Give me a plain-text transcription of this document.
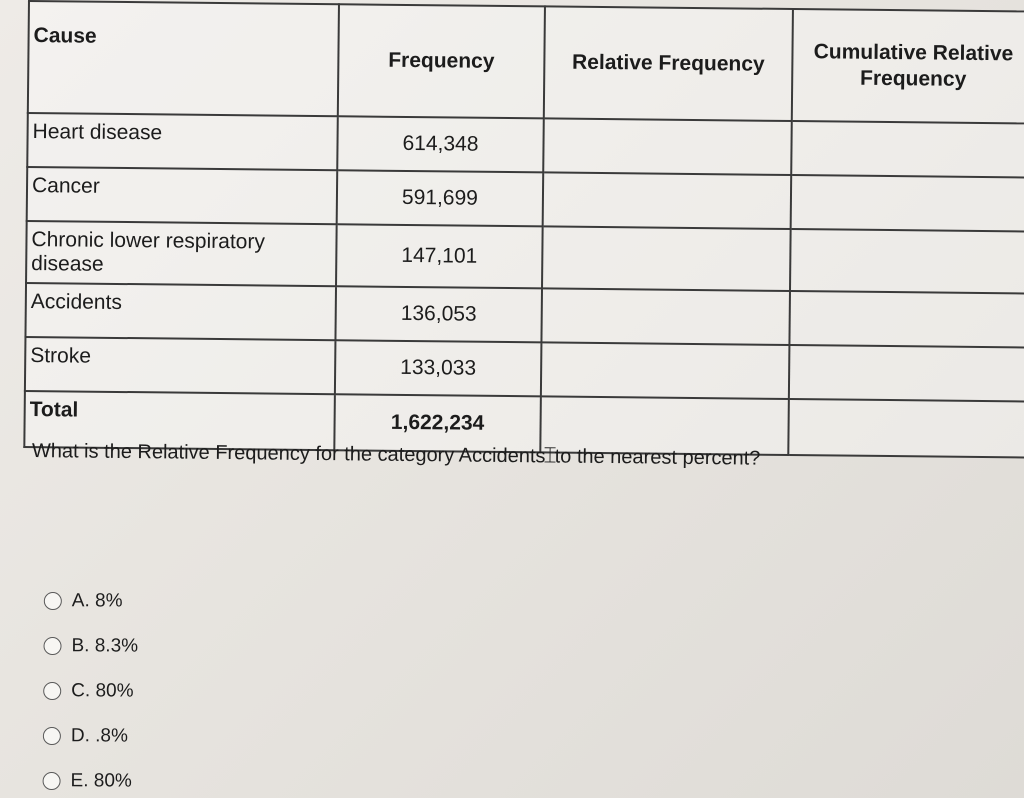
Cause	Frequency	Relative Frequency	Cumulative Relative Frequency
Heart disease	614,348		
Cancer	591,699		
Chronic lower respiratory disease	147,101		
Accidents	136,053		
Stroke	133,033		
Total	1,622,234		
What is the Relative Frequency for the category Accidents⌶to the nearest percent?
A. 8%
B. 8.3%
C. 80%
D. .8%
E. 80%
